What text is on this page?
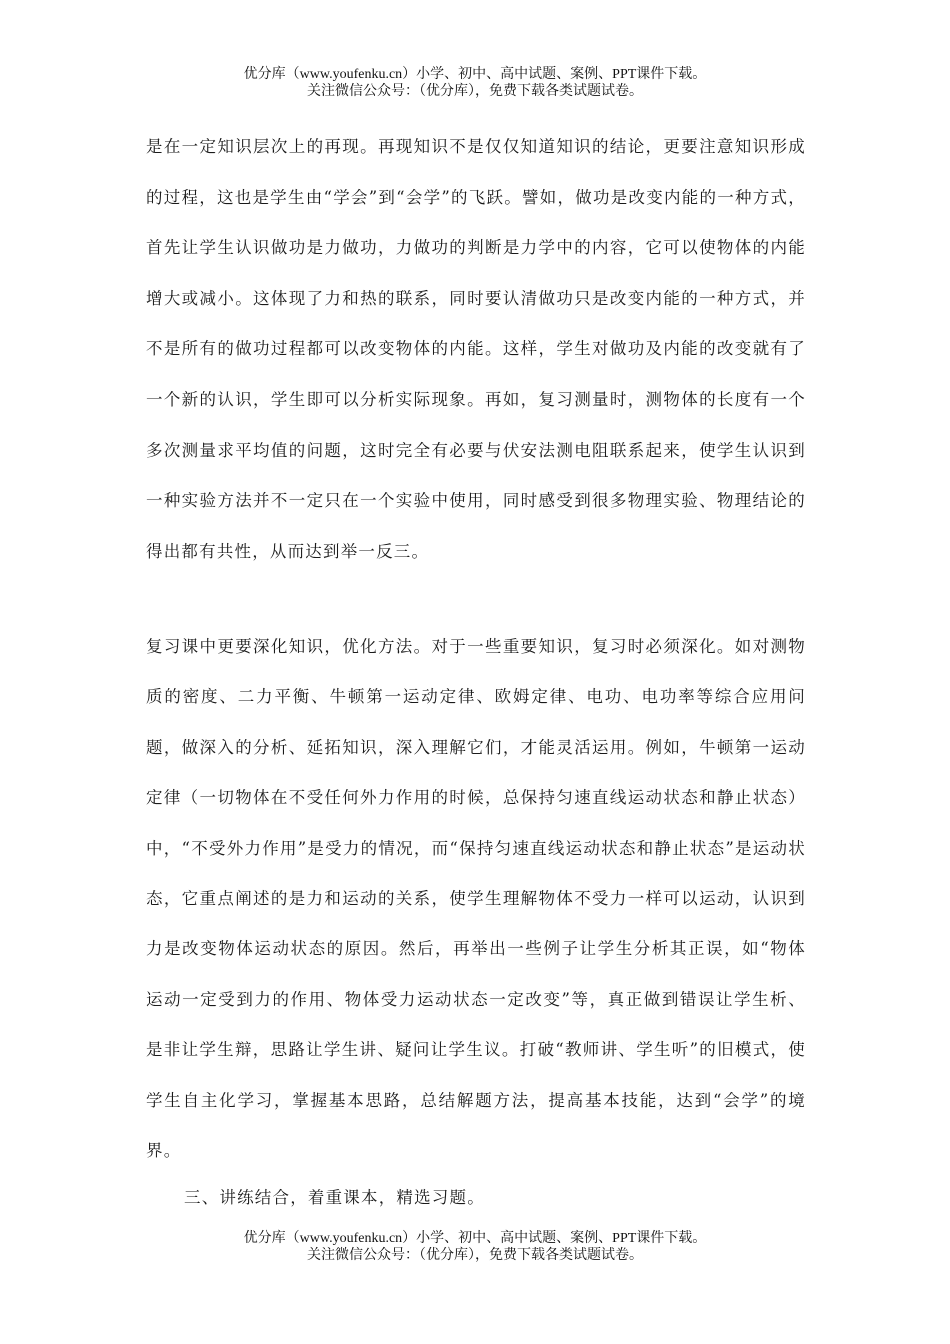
优分库（www.youfenku.cn）小学、初中、高中试题、案例、PPT课件下载。
关注微信公众号：（优分库），免费下载各类试题试卷。
是在一定知识层次上的再现。再现知识不是仅仅知道知识的结论，更要注意知识形成的过程，这也是学生由“学会”到“会学”的飞跃。譬如，做功是改变内能的一种方式，首先让学生认识做功是力做功，力做功的判断是力学中的内容，它可以使物体的内能增大或减小。这体现了力和热的联系，同时要认清做功只是改变内能的一种方式，并不是所有的做功过程都可以改变物体的内能。这样，学生对做功及内能的改变就有了一个新的认识，学生即可以分析实际现象。再如，复习测量时，测物体的长度有一个多次测量求平均值的问题，这时完全有必要与伏安法测电阻联系起来，使学生认识到一种实验方法并不一定只在一个实验中使用，同时感受到很多物理实验、物理结论的得出都有共性，从而达到举一反三。
复习课中更要深化知识，优化方法。对于一些重要知识，复习时必须深化。如对测物质的密度、二力平衡、牛顿第一运动定律、欧姆定律、电功、电功率等综合应用问题，做深入的分析、延拓知识，深入理解它们，才能灵活运用。例如，牛顿第一运动定律（一切物体在不受任何外力作用的时候，总保持匀速直线运动状态和静止状态）中，“不受外力作用”是受力的情况，而“保持匀速直线运动状态和静止状态”是运动状态，它重点阐述的是力和运动的关系，使学生理解物体不受力一样可以运动，认识到力是改变物体运动状态的原因。然后，再举出一些例子让学生分析其正误，如“物体运动一定受到力的作用、物体受力运动状态一定改变”等，真正做到错误让学生析、是非让学生辩，思路让学生讲、疑问让学生议。打破“教师讲、学生听”的旧模式，使学生自主化学习，掌握基本思路，总结解题方法，提高基本技能，达到“会学”的境界。
三、讲练结合，着重课本，精选习题。
优分库（www.youfenku.cn）小学、初中、高中试题、案例、PPT课件下载。
关注微信公众号：（优分库），免费下载各类试题试卷。
